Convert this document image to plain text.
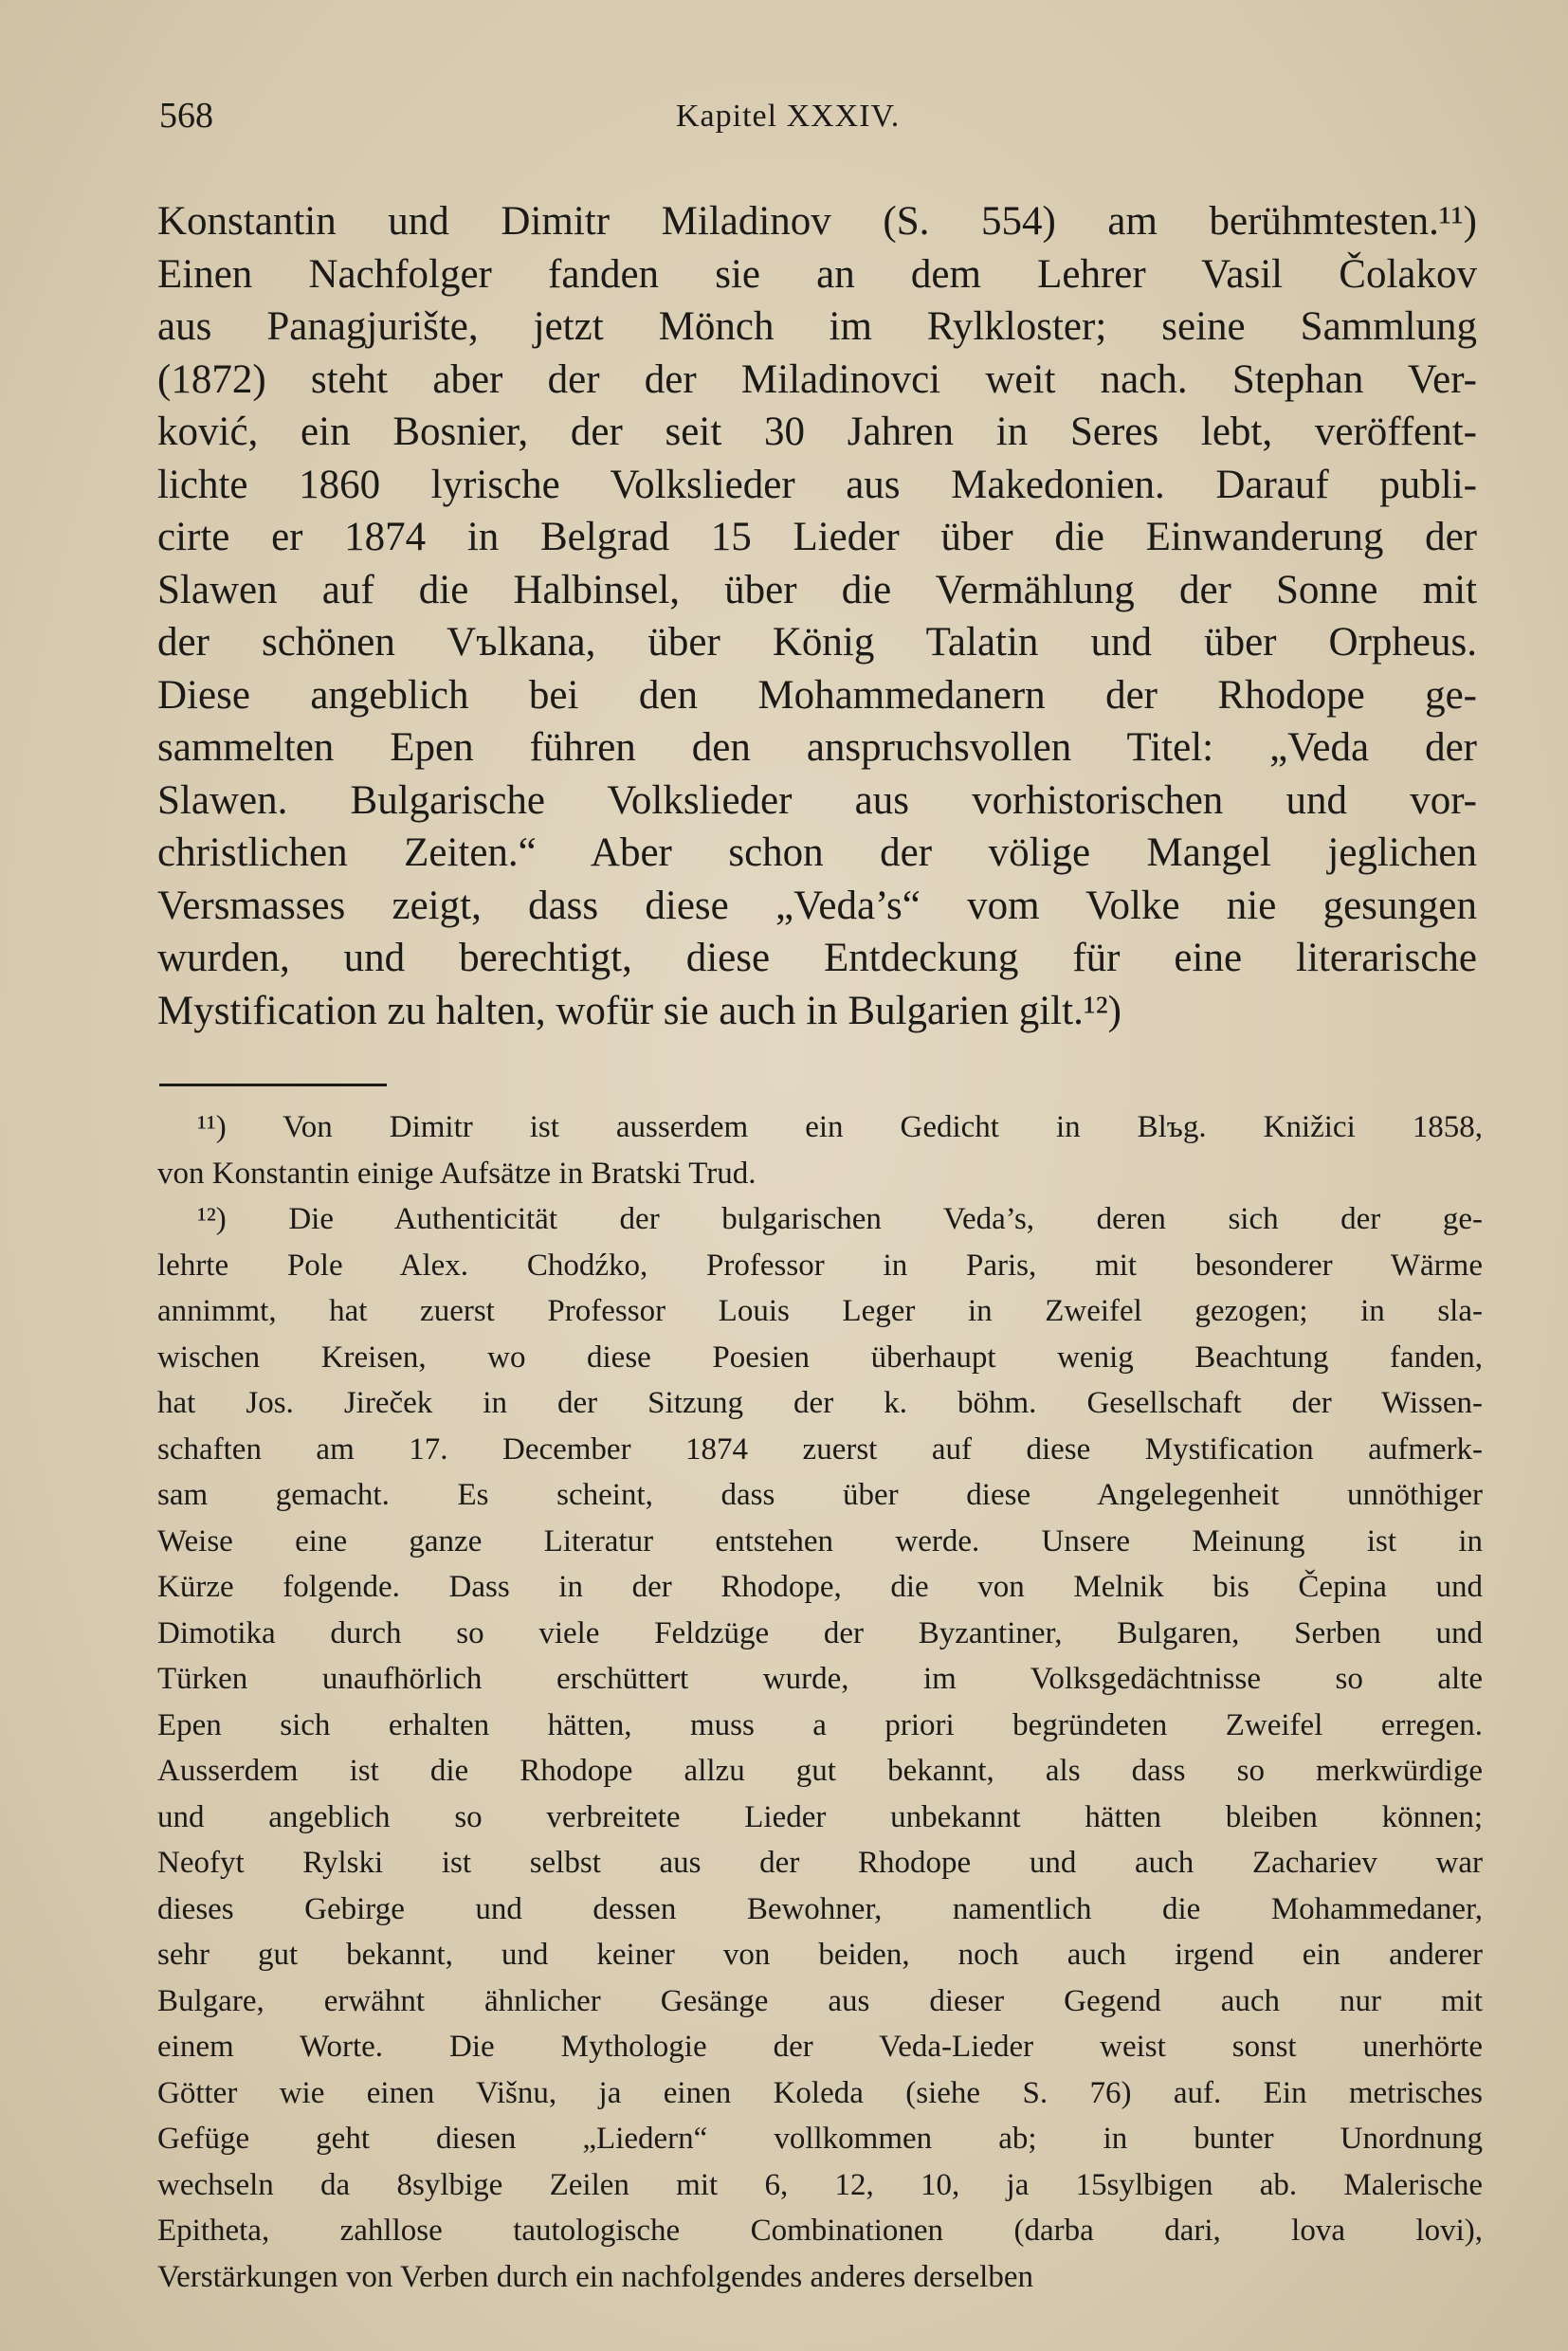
568	Kapitel XXXIV.
Konstantin und Dimitr Miladinov (S. 554) am berühmtesten.¹¹)
Einen Nachfolger fanden sie an dem Lehrer Vasil Čolakov
aus Panagjurište, jetzt Mönch im Rylkloster; seine Sammlung
(1872) steht aber der der Miladinovci weit nach. Stephan Ver-
ković, ein Bosnier, der seit 30 Jahren in Seres lebt, veröffent-
lichte 1860 lyrische Volkslieder aus Makedonien. Darauf publi-
cirte er 1874 in Belgrad 15 Lieder über die Einwanderung der
Slawen auf die Halbinsel, über die Vermählung der Sonne mit
der schönen Vъlkana, über König Talatin und über Orpheus.
Diese angeblich bei den Mohammedanern der Rhodope ge-
sammelten Epen führen den anspruchsvollen Titel: „Veda der
Slawen. Bulgarische Volkslieder aus vorhistorischen und vor-
christlichen Zeiten.“ Aber schon der völige Mangel jeglichen
Versmasses zeigt, dass diese „Veda’s“ vom Volke nie gesungen
wurden, und berechtigt, diese Entdeckung für eine literarische
Mystification zu halten, wofür sie auch in Bulgarien gilt.¹²)
¹¹) Von Dimitr ist ausserdem ein Gedicht in Blъg. Knižici 1858,
von Konstantin einige Aufsätze in Bratski Trud.
¹²) Die Authenticität der bulgarischen Veda’s, deren sich der ge-
lehrte Pole Alex. Chodźko, Professor in Paris, mit besonderer Wärme
annimmt, hat zuerst Professor Louis Leger in Zweifel gezogen; in sla-
wischen Kreisen, wo diese Poesien überhaupt wenig Beachtung fanden,
hat Jos. Jireček in der Sitzung der k. böhm. Gesellschaft der Wissen-
schaften am 17. December 1874 zuerst auf diese Mystification aufmerk-
sam gemacht. Es scheint, dass über diese Angelegenheit unnöthiger
Weise eine ganze Literatur entstehen werde. Unsere Meinung ist in
Kürze folgende. Dass in der Rhodope, die von Melnik bis Čepina und
Dimotika durch so viele Feldzüge der Byzantiner, Bulgaren, Serben und
Türken unaufhörlich erschüttert wurde, im Volksgedächtnisse so alte
Epen sich erhalten hätten, muss a priori begründeten Zweifel erregen.
Ausserdem ist die Rhodope allzu gut bekannt, als dass so merkwürdige
und angeblich so verbreitete Lieder unbekannt hätten bleiben können;
Neofyt Rylski ist selbst aus der Rhodope und auch Zachariev war
dieses Gebirge und dessen Bewohner, namentlich die Mohammedaner,
sehr gut bekannt, und keiner von beiden, noch auch irgend ein anderer
Bulgare, erwähnt ähnlicher Gesänge aus dieser Gegend auch nur mit
einem Worte. Die Mythologie der Veda-Lieder weist sonst unerhörte
Götter wie einen Višnu, ja einen Koleda (siehe S. 76) auf. Ein metrisches
Gefüge geht diesen „Liedern“ vollkommen ab; in bunter Unordnung
wechseln da 8sylbige Zeilen mit 6, 12, 10, ja 15sylbigen ab. Malerische
Epitheta, zahllose tautologische Combinationen (darba dari, lova lovi),
Verstärkungen von Verben durch ein nachfolgendes anderes derselben
